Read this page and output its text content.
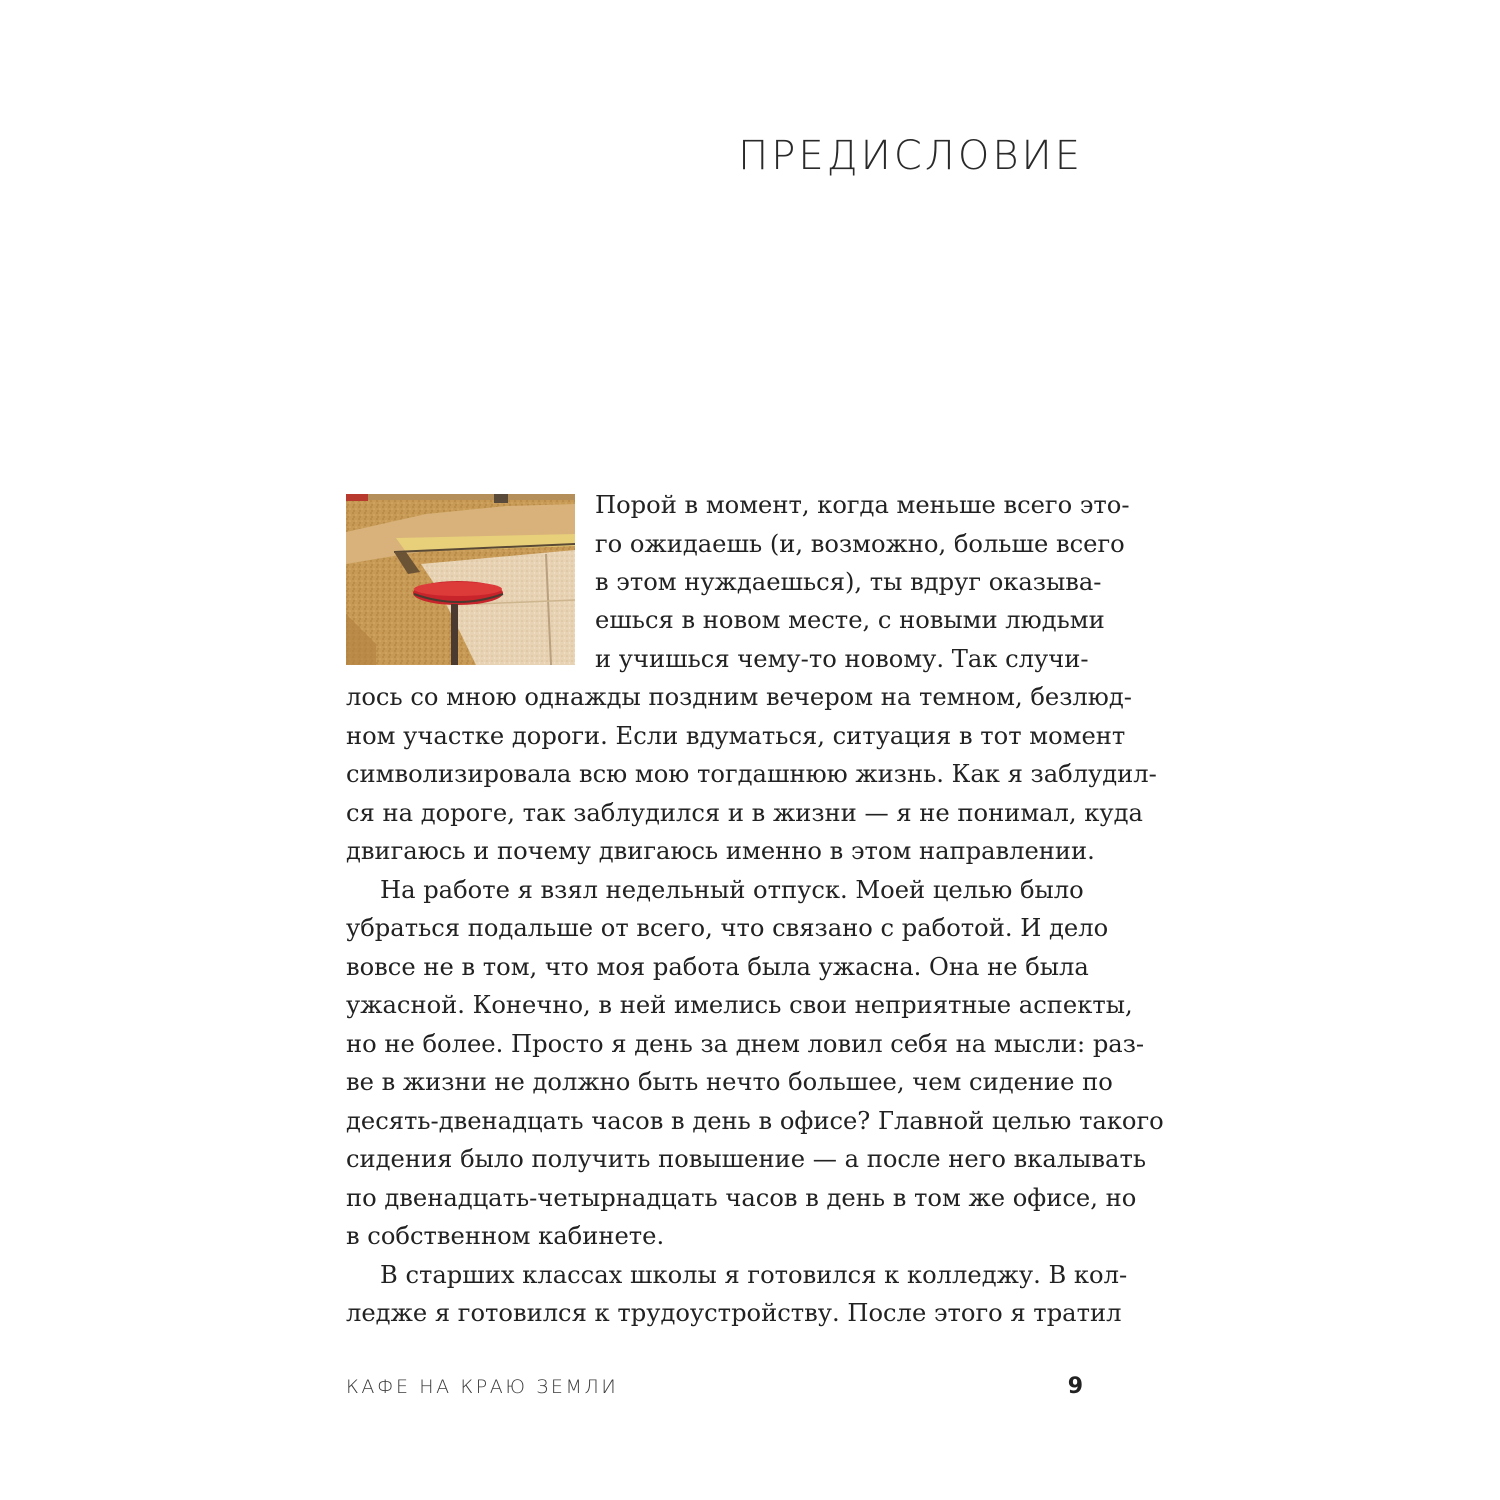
ПРЕДИСЛОВИЕ
Порой в момент, когда меньше всего это-
го ожидаешь (и, возможно, больше всего
в этом нуждаешься), ты вдруг оказыва-
ешься в новом месте, с новыми людьми
и учишься чему-то новому. Так случи-
лось со мною однажды поздним вечером на темном, безлюд-
ном участке дороги. Если вдуматься, ситуация в тот момент
символизировала всю мою тогдашнюю жизнь. Как я заблудил-
ся на дороге, так заблудился и в жизни — я не понимал, куда
двигаюсь и почему двигаюсь именно в этом направлении.
На работе я взял недельный отпуск. Моей целью было
убраться подальше от всего, что связано с работой. И дело
вовсе не в том, что моя работа была ужасна. Она не была
ужасной. Конечно, в ней имелись свои неприятные аспекты,
но не более. Просто я день за днем ловил себя на мысли: раз-
ве в жизни не должно быть нечто большее, чем сидение по
десять-двенадцать часов в день в офисе? Главной целью такого
сидения было получить повышение — а после него вкалывать
по двенадцать-четырнадцать часов в день в том же офисе, но
в собственном кабинете.
В старших классах школы я готовился к колледжу. В кол-
ледже я готовился к трудоустройству. После этого я тратил
КАФЕ НА КРАЮ ЗЕМЛИ	9
